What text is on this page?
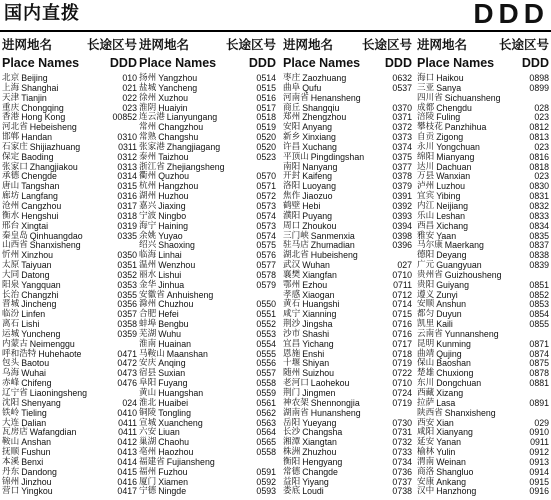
国内直拨	DDD
进网地名	长途区号
Place Names DDD
北京 Beijing	010
上海 Shanghai	021
天津 Tianjin	022
重庆 Chongqing	023
香港 Hong Kong	00852
河北省 Hebeisheng
邯郸 Handan	0310
石家庄 Shijiazhuang	0311
保定 Baoding	0312
张家口 Zhangjiakou	0313
承德 Chengde	0314
唐山 Tangshan	0315
廊坊 Langfang	0316
沧州 Cangzhou	0317
衡水 Hengshui	0318
邢台 Xingtai	0319
秦皇岛 Qinhuangdao	0335
山西省 Shanxisheng
忻州 Xinzhou	0350
太原 Taiyuan	0351
大同 Datong	0352
阳泉 Yangquan	0353
长治 Changzhi	0355
晋城 Jincheng	0356
临汾 Linfen	0357
离石 Lishi	0358
运城 Yuncheng	0359
内蒙古 Neimenggu
呼和浩特 Huhehaote	0471
包头 Baotou	0472
乌海 Wuhai	0473
赤峰 Chifeng	0476
辽宁省 Liaoningsheng
沈阳 Shenyang	024
铁岭 Tieling	0410
大连 Dalian	0411
瓦房店 Wafangdian	0411
鞍山 Anshan	0412
抚顺 Fushun	0413
本溪 Benxi	0414
丹东 Dandong	0415
锦州 Jinzhou	0416
营口 Yingkou	0417
进网地名	长途区号
Place Names	DDD
扬州 Yangzhou	0514
盐城 Yancheng	0515
徐州 Xuzhou	0516
淮阴 Huaiyin	0517
连云港 Lianyungang	0518
常州 Changzhou	0519
常熟 Changshu	0520
张家港 Zhangjiagang	0520
泰州 Taizhou	0523
浙江省 Zhejiangsheng
衢州 Quzhou	0570
杭州 Hangzhou	0571
湖州 Huzhou	0572
嘉兴 Jiaxing	0573
宁波 Ningbo	0574
海宁 Haining	0573
余姚 Yuyao	0574
绍兴 Shaoxing	0575
临海 Linhai	0576
温州 Wenzhou	0577
丽水 Lishui	0578
金华 Jinhua	0579
安徽省 Anhuisheng
滁州 Chuzhou	0550
合肥 Hefei	0551
蚌埠 Bengbu	0552
芜湖 Wuhu	0553
淮南 Huainan	0554
马鞍山 Maanshan	0555
安庆 Anqing	0556
宿县 Suxian	0557
阜阳 Fuyang	0558
黄山 Huangshan	0559
淮北 Huaibei	0561
铜陵 Tongling	0562
宣城 Xuancheng	0563
六安 Liuan	0564
巢湖 Chaohu	0565
亳州 Haozhou	0558
福建省 Fujiansheng
福州 Fuzhou	0591
厦门 Xiamen	0592
宁德 Ningde	0593
进网地名 长途区号
Place Names DDD
枣庄 Zaozhuang	0632
曲阜 Qufu	0537
河南省 Henansheng
商丘 Shangqiu	0370
郑州 Zhengzhou	0371
安阳 Anyang	0372
新乡 Xinxiang	0373
许昌 Xuchang	0374
平顶山 Pingdingshan	0375
南阳 Nanyang	0377
开封 Kaifeng	0378
洛阳 Luoyang	0379
焦作 Jiaozuo	0391
鹤壁 Hebi	0392
濮阳 Puyang	0393
周口 Zhoukou	0394
三门峡 Sanmenxia	0398
驻马店 Zhumadian	0396
湖北省 Hubeisheng
武汉 Wuhan	027
襄樊 Xiangfan	0710
鄂州 Ezhou	0711
孝感 Xiaogan	0712
黄石 Huangshi	0714
咸宁 Xianning	0715
荆沙 Jingsha	0716
沙市 Shashi	0716
宜昌 Yichang	0717
恩施 Enshi	0718
十堰 Shiyan	0719
随州 Suizhou	0722
老河口 Laohekou	0710
荆门 Jingmen	0724
神农架 Shennongjia	0719
湖南省 Hunansheng
岳阳 Yueyang	0730
长沙 Changsha	0731
湘潭 Xiangtan	0732
株洲 Zhuzhou	0733
衡阳 Hengyang	0734
常德 Changde	0736
益阳 Yiyang	0737
娄底 Loudi	0738
进网地名	长途区号
Place Names DDD
海口 Haikou	0898
三亚 Sanya	0899
四川省 Sichuansheng
成都 Chengdu	028
涪陵 Fuling	023
攀枝花 Panzhihua	0812
自贡 Zigong	0813
永川 Yongchuan	023
绵阳 Mianyang	0816
达川 Dachuan	0818
万县 Wanxian	023
泸州 Luzhou	0830
宜宾 Yibing	0831
内江 Neijiang	0832
乐山 Leshan	0833
西昌 Xichang	0834
雅安 Yaan	0835
马尔康 Maerkang	0837
德阳 Deyang	0838
广元 Guangyuan	0839
贵州省 Guizhousheng
贵阳 Guiyang	0851
遵义 Zunyi	0852
安顺 Anshun	0853
都匀 Duyun	0854
凯里 Kaili	0855
云南省 Yunnansheng
昆明 Kunming	0871
曲靖 Qujing	0874
保山 Baoshan	0875
楚雄 Chuxiong	0878
东川 Dongchuan	0881
西藏 Xizang
拉萨 Lasa	0891
陕西省 Shanxisheng
西安 Xian	029
咸阳 Xianyang	0910
延安 Yanan	0911
榆林 Yulin	0912
渭南 Weinan	0913
商洛 Shangluo	0914
安康 Ankang	0915
汉中 Hanzhong	0916
